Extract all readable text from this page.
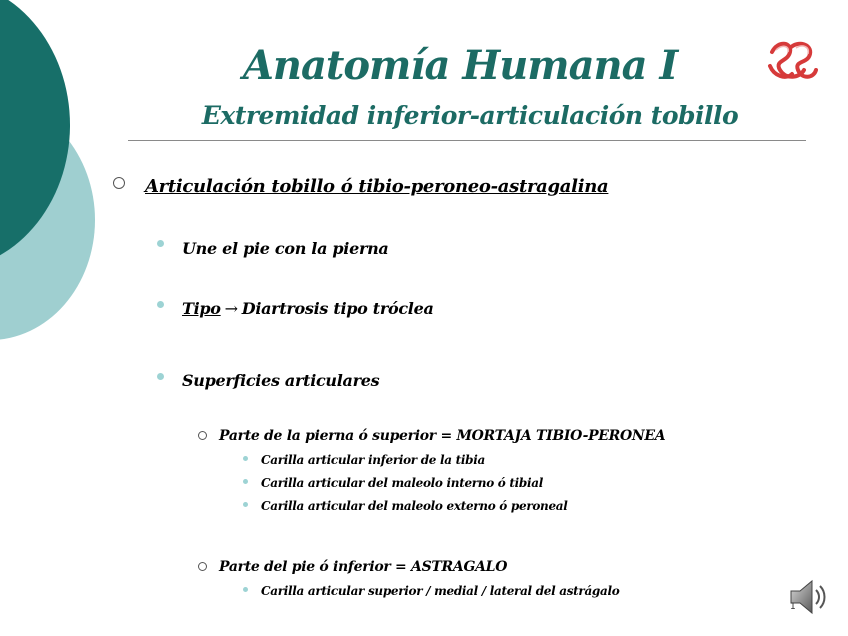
Anatomía Humana I
Extremidad inferior-articulación tobillo
Articulación tobillo ó tibio-peroneo-astragalina
Une el pie con la pierna
Tipo → Diartrosis tipo tróclea
Superficies articulares
Parte de la pierna ó superior = MORTAJA TIBIO-PERONEA
Carilla articular inferior de la tibia
Carilla articular del maleolo interno ó tibial
Carilla articular del maleolo externo ó peroneal
Parte del pie ó inferior = ASTRAGALO
Carilla articular superior / medial / lateral del astrágalo
1
